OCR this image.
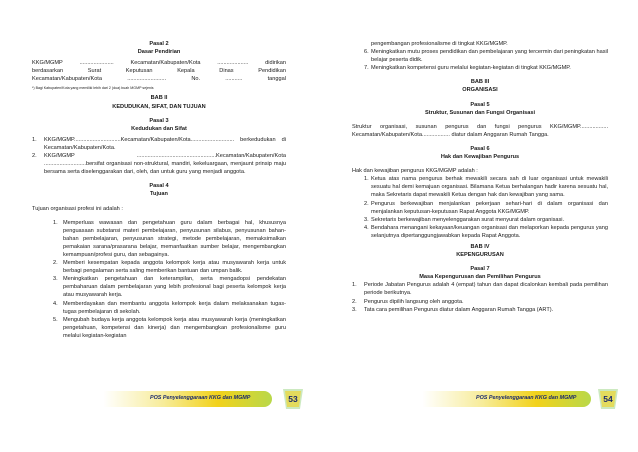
Pasal 2
Dasar Pendirian
KKG/MGMP	......................	Kecamatan/Kabupaten/Kota	....................	didirikan
berdasarkan	Surat	Keputusan	Kepala	Dinas	Pendidikan
Kecamatan/Kabupaten/Kota	.........................	No.	...........	tanggal
*) Bagi Kabupaten/Kota yang memiliki lebih dari 2 (dua) buah MGMP sejenis
BAB II
KEDUDUKAN, SIFAT, DAN TUJUAN
Pasal 3
Kedudukan dan Sifat
1.	KKG/MGMP..............................Kecamatan/Kabupaten/Kota............................ berkedudukan di Kecamatan/Kabupaten/Kota.
2.	KKG/MGMP ...................................................Kecamatan/Kabupaten/Kota ...........................bersifat organisasi non-struktural, mandiri, kekeluargaan, menjaunt prinsip maju bersama serta diselenggarakan dari, oleh, dan untuk guru yang menjadi anggota.
Pasal 4
Tujuan
Tujuan organisasi profesi ini adalah :
1. Memperluas wawasan dan pengetahuan guru dalam berbagai hal, khususnya penguasaan substansi materi pembelajaran, penyusunan silabus, penyusunan bahan-bahan pembelajaran, penyusunan strategi, metode pembelajaran, memaksimalkan pemakaian sarana/prasarana belajar, memanfaatkan sumber belajar, mengembangkan kemampuan/profesi guru, dan sebagainya.
2. Memberi kesempatan kepada anggota kelompok kerja atau musyawarah kerja untuk berbagi pengalaman serta saling memberikan bantuan dan umpan balik.
3. Meningkatkan pengetahuan dan keterampilan, serta mengadopsi pendekatan pembaharuan dalam pembelajaran yang lebih profesional bagi peserta kelompok kerja atau musyawarah kerja.
4. Memberdayakan dan membantu anggota kelompok kerja dalam melaksanakan tugas-tugas pembelajaran di sekolah.
5. Mengubah budaya kerja anggota kelompok kerja atau musyawarah kerja (meningkatkan pengetahuan, kompetensi dan kinerja) dan mengembangkan profesionalisme guru melalui kegiatan-kegiatan
POS Penyelenggaraan KKG dan MGMP	53
pengembangan profesionalisme di tingkat KKG/MGMP.
6. Meningkatkan mutu proses pendidikan dan pembelajaran yang tercermin dari peningkatan hasil belajar peserta didik.
7. Meningkatkan kompetensi guru melalui kegiatan-kegiatan di tingkat KKG/MGMP.
BAB III
ORGANISASI
Pasal 5
Struktur, Susunan dan Fungsi Organisasi
Struktur organisasi, susunan pengurus dan fungsi pengurus KKG/MGMP.................. Kecamatan/Kabupaten/Kota.................. diatur dalam Anggaran Rumah Tangga.
Pasal 6
Hak dan Kewajiban Pengurus
Hak dan kewajiban pengurus KKG/MGMP adalah :
1. Ketua atas nama pengurus berhak mewakili secara sah di luar organisasi untuk mewakili sesuatu hal demi kemajuan organisasi. Bilamana Ketua berhalangan hadir karena sesuatu hal, maka Sekretaris dapat mewakili Ketua dengan hak dan kewajiban yang sama.
2. Pengurus berkewajiban menjalankan pekerjaan sehari-hari di dalam organisasi dan menjalankan keputusan-keputusan Rapat Anggota KKG/MGMP.
3. Sekretaris berkewajiban menyelenggarakan surat menyurat dalam organisasi.
4. Bendahara menangani kekayaan/keuangan organisasi dan melaporkan kepada pengurus yang selanjutnya dipertanggungjawabkan kepada Rapat Anggota.
BAB IV
KEPENGURUSAN
Pasal 7
Masa Kepengurusan dan Pemilihan Pengurus
1.	Periode Jabatan Pengurus adalah 4 (empat) tahun dan dapat dicalonkan kembali pada pemilihan periode berikutnya.
2.	Pengurus dipilih langsung oleh anggota.
3.	Tata cara pemilihan Pengurus diatur dalam Anggaran Rumah Tangga (ART).
POS Penyelenggaraan KKG dan MGMP	54
